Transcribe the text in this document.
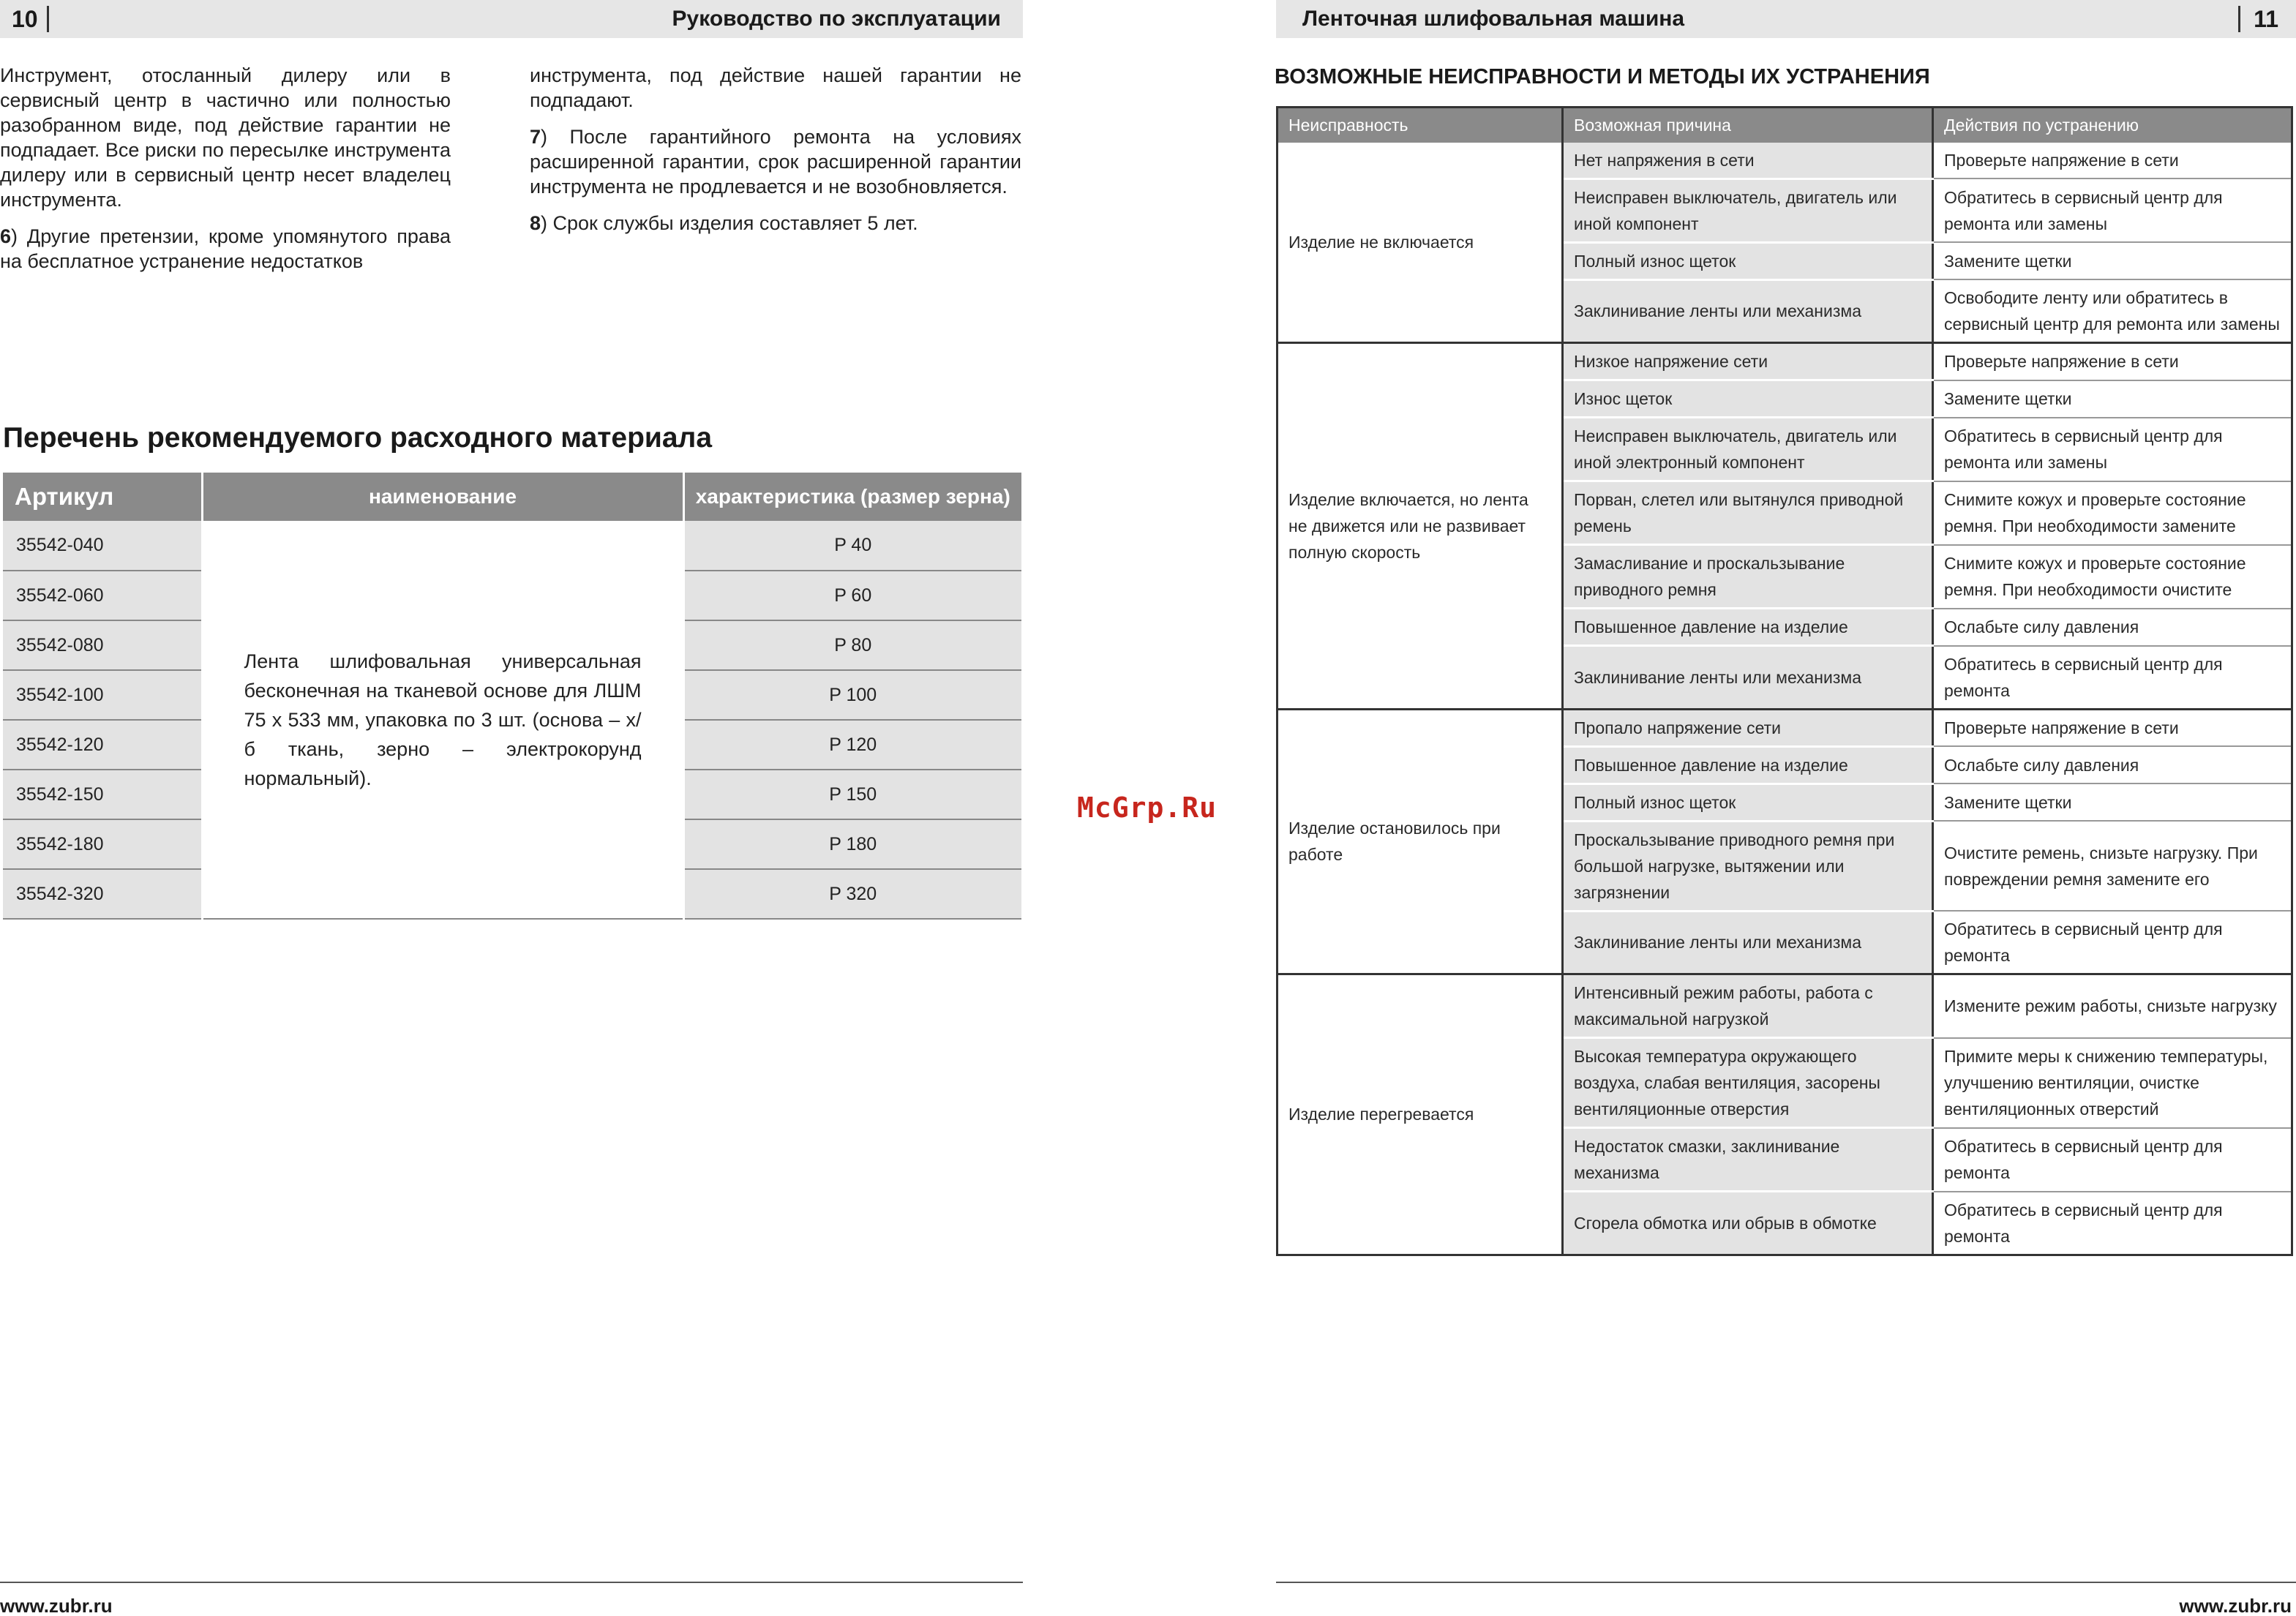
10	Руководство по эксплуатации

Инструмент, отосланный дилеру или в сервисный центр в частично или полностью разобранном виде, под действие гарантии не подпадает. Все риски по пересылке инструмента дилеру или в сервисный центр несет владелец инструмента.

6) Другие претензии, кроме упомянутого права на бесплатное устранение недостатков

инструмента, под действие нашей гарантии не подпадают.

7) После гарантийного ремонта на условиях расширенной гарантии, срок расширенной гарантии инструмента не продлевается и не возобновляется.

8) Срок службы изделия составляет 5 лет.

Перечень рекомендуемого расходного материала
Артикул	наименование	характеристика (размер зерна)
35542-040	Лента шлифовальная универсальная бесконечная на тканевой основе для ЛШМ 75 х 533 мм, упаковка по 3 шт. (основа – х/б ткань, зерно – электрокорунд нормальный).	P 40
35542-060		P 60
35542-080		P 80
35542-100		P 100
35542-120		P 120
35542-150		P 150
35542-180		P 180
35542-320		P 320
McGrp.Ru
Ленточная шлифовальная машина	11
ВОЗМОЖНЫЕ НЕИСПРАВНОСТИ И МЕТОДЫ ИХ УСТРАНЕНИЯ
Неисправность	Возможная причина	Действия по устранению
Изделие не включается	Нет напряжения в сети	Проверьте напряжение в сети
	Неисправен выключатель, двигатель или иной компонент	Обратитесь в сервисный центр для ремонта или замены
	Полный износ щеток	Замените щетки
	Заклинивание ленты или механизма	Освободите ленту или обратитесь в сервисный центр для ремонта или замены
Изделие включается, но лента не движется или не развивает полную скорость	Низкое напряжение сети	Проверьте напряжение в сети
	Износ щеток	Замените щетки
	Неисправен выключатель, двигатель или иной электронный компонент	Обратитесь в сервисный центр для ремонта или замены
	Порван, слетел или вытянулся приводной ремень	Снимите кожух и проверьте состояние ремня. При необходимости замените
	Замасливание и проскальзывание приводного ремня	Снимите кожух и проверьте состояние ремня. При необходимости очистите
	Повышенное давление на изделие	Ослабьте силу давления
	Заклинивание ленты или механизма	Обратитесь в сервисный центр для ремонта
Изделие остановилось при работе	Пропало напряжение сети	Проверьте напряжение в сети
	Повышенное давление на изделие	Ослабьте силу давления
	Полный износ щеток	Замените щетки
	Проскальзывание приводного ремня при большой нагрузке, вытяжении или загрязнении	Очистите ремень, снизьте нагрузку. При повреждении ремня замените его
	Заклинивание ленты или механизма	Обратитесь в сервисный центр для ремонта
Изделие перегревается	Интенсивный режим работы, работа с максимальной нагрузкой	Измените режим работы, снизьте нагрузку
	Высокая температура окружающего воздуха, слабая вентиляция, засорены вентиляционные отверстия	Примите меры к снижению температуры, улучшению вентиляции, очистке вентиляционных отверстий
	Недостаток смазки, заклинивание механизма	Обратитесь в сервисный центр для ремонта
	Сгорела обмотка или обрыв в обмотке	Обратитесь в сервисный центр для ремонта
www.zubr.ru	www.zubr.ru
